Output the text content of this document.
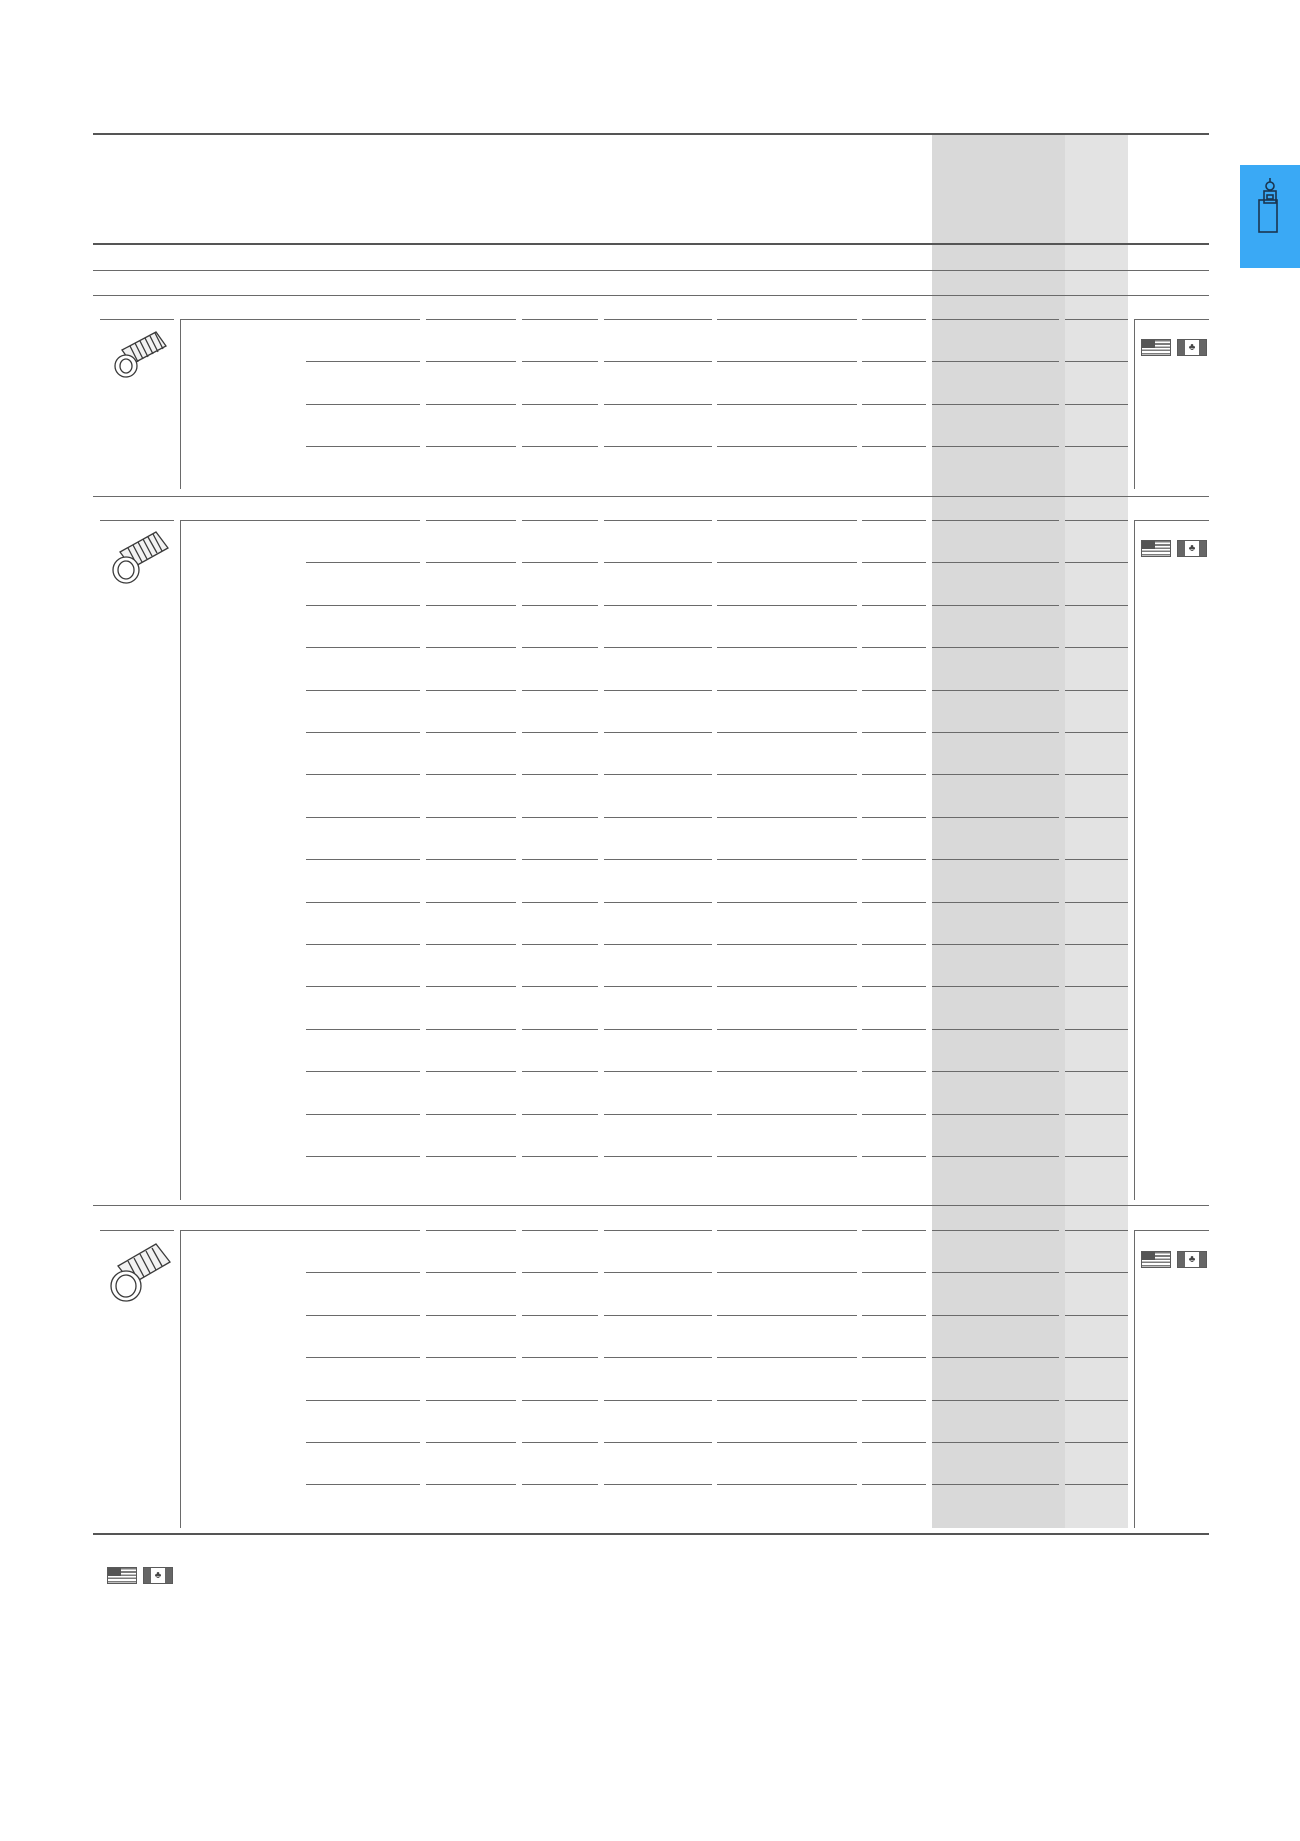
♣
♣
♣
♣
